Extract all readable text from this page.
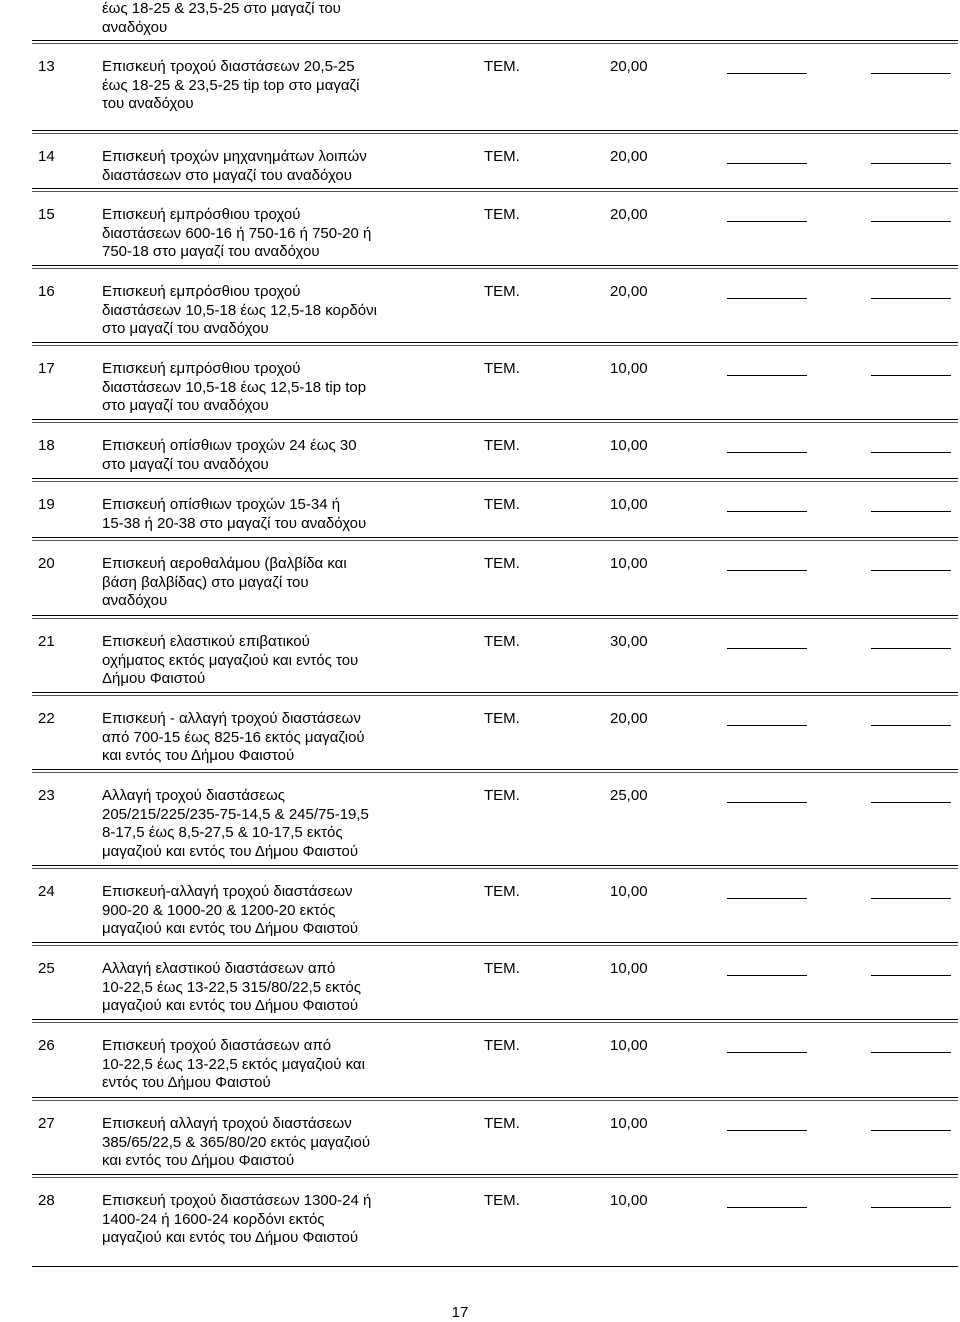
έως 18-25 & 23,5-25 στο μαγαζί του
αναδόχου
13	Επισκευή τροχού διαστάσεων 20,5-25
έως 18-25 & 23,5-25 tip top στο μαγαζί
του αναδόχου
ΤΕΜ.	20,00
14	Επισκευή τροχών μηχανημάτων λοιπών
διαστάσεων στο μαγαζί του αναδόχου
ΤΕΜ.	20,00
15	Επισκευή εμπρόσθιου τροχού
διαστάσεων 600-16 ή 750-16 ή 750-20 ή
750-18 στο μαγαζί του αναδόχου
ΤΕΜ.	20,00
16	Επισκευή εμπρόσθιου τροχού
διαστάσεων 10,5-18 έως 12,5-18 κορδόνι
στο μαγαζί του αναδόχου
ΤΕΜ.	20,00
17	Επισκευή εμπρόσθιου τροχού
διαστάσεων 10,5-18 έως 12,5-18 tip top
στο μαγαζί του αναδόχου
ΤΕΜ.	10,00
18	Επισκευή οπίσθιων τροχών 24 έως 30
στο μαγαζί του αναδόχου
ΤΕΜ.	10,00
19	Επισκευή οπίσθιων τροχών 15-34 ή
15-38 ή 20-38 στο μαγαζί του αναδόχου
ΤΕΜ.	10,00
20	Επισκευή αεροθαλάμου (βαλβίδα και
βάση βαλβίδας) στο μαγαζί του
αναδόχου
ΤΕΜ.	10,00
21	Επισκευή ελαστικού επιβατικού
οχήματος εκτός μαγαζιού και εντός του
Δήμου Φαιστού
ΤΕΜ.	30,00
22	Επισκευή - αλλαγή τροχού διαστάσεων
από 700-15 έως 825-16 εκτός μαγαζιού
και εντός του Δήμου Φαιστού
ΤΕΜ.	20,00
23	Αλλαγή τροχού διαστάσεως
205/215/225/235-75-14,5 & 245/75-19,5
8-17,5 έως 8,5-27,5 & 10-17,5 εκτός
μαγαζιού και εντός του Δήμου Φαιστού
ΤΕΜ.	25,00
24	Επισκευή-αλλαγή τροχού διαστάσεων
900-20 & 1000-20 & 1200-20 εκτός
μαγαζιού και εντός του Δήμου Φαιστού
ΤΕΜ.	10,00
25	Αλλαγή ελαστικού διαστάσεων από
10-22,5 έως 13-22,5 315/80/22,5 εκτός
μαγαζιού και εντός του Δήμου Φαιστού
ΤΕΜ.	10,00
26	Επισκευή τροχού διαστάσεων από
10-22,5 έως 13-22,5 εκτός μαγαζιού και
εντός του Δήμου Φαιστού
ΤΕΜ.	10,00
27	Επισκευή αλλαγή τροχού διαστάσεων
385/65/22,5 & 365/80/20 εκτός μαγαζιού
και εντός του Δήμου Φαιστού
ΤΕΜ.	10,00
28	Επισκευή τροχού διαστάσεων 1300-24 ή
1400-24 ή 1600-24 κορδόνι εκτός
μαγαζιού και εντός του Δήμου Φαιστού
ΤΕΜ.	10,00
17
